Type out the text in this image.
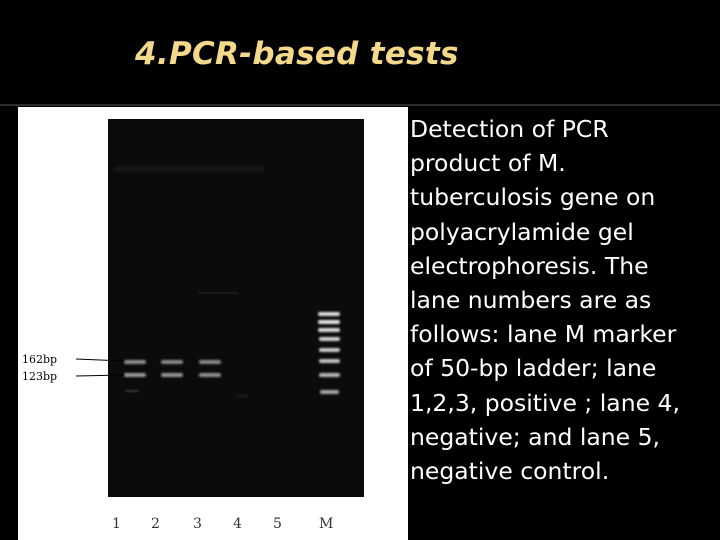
4.PCR-based tests
162bp
123bp
1 2 3 4 5	M
Detection of PCR
product of M.
tuberculosis gene on
polyacrylamide gel
electrophoresis. The
lane numbers are as
follows: lane M marker
of 50-bp ladder; lane
1,2,3, positive ; lane 4,
negative; and lane 5,
negative control.
